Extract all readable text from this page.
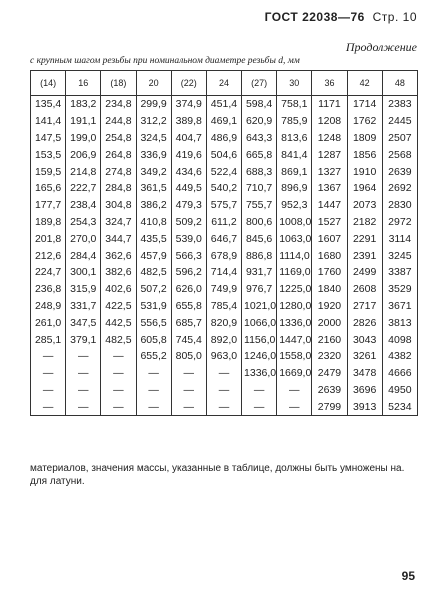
ГОСТ 22038—76 Стр. 10
Продолжение
с крупным шагом резьбы при номинальном диаметре резьбы d, мм
(14)	16	(18)	20	(22)	24	(27)	30	36	42	48
135,4	183,2	234,8	299,9	374,9	451,4	598,4	758,1	1171	1714	2383
141,4	191,1	244,8	312,2	389,8	469,1	620,9	785,9	1208	1762	2445
147,5	199,0	254,8	324,5	404,7	486,9	643,3	813,6	1248	1809	2507
153,5	206,9	264,8	336,9	419,6	504,6	665,8	841,4	1287	1856	2568
159,5	214,8	274,8	349,2	434,6	522,4	688,3	869,1	1327	1910	2639
165,6	222,7	284,8	361,5	449,5	540,2	710,7	896,9	1367	1964	2692
177,7	238,4	304,8	386,2	479,3	575,7	755,7	952,3	1447	2073	2830
189,8	254,3	324,7	410,8	509,2	611,2	800,6	1008,0	1527	2182	2972
201,8	270,0	344,7	435,5	539,0	646,7	845,6	1063,0	1607	2291	3114
212,6	284,4	362,6	457,9	566,3	678,9	886,8	1114,0	1680	2391	3245
224,7	300,1	382,6	482,5	596,2	714,4	931,7	1169,0	1760	2499	3387
236,8	315,9	402,6	507,2	626,0	749,9	976,7	1225,0	1840	2608	3529
248,9	331,7	422,5	531,9	655,8	785,4	1021,0	1280,0	1920	2717	3671
261,0	347,5	442,5	556,5	685,7	820,9	1066,0	1336,0	2000	2826	3813
285,1	379,1	482,5	605,8	745,4	892,0	1156,0	1447,0	2160	3043	4098
—	—	—	655,2	805,0	963,0	1246,0	1558,0	2320	3261	4382
—	—	—	—	—	—	1336,0	1669,0	2479	3478	4666
—	—	—	—	—	—	—	—	2639	3696	4950
—	—	—	—	—	—	—	—	2799	3913	5234
материалов, значения массы, указанные в таблице, должны быть умножены на. для латуни.
95
